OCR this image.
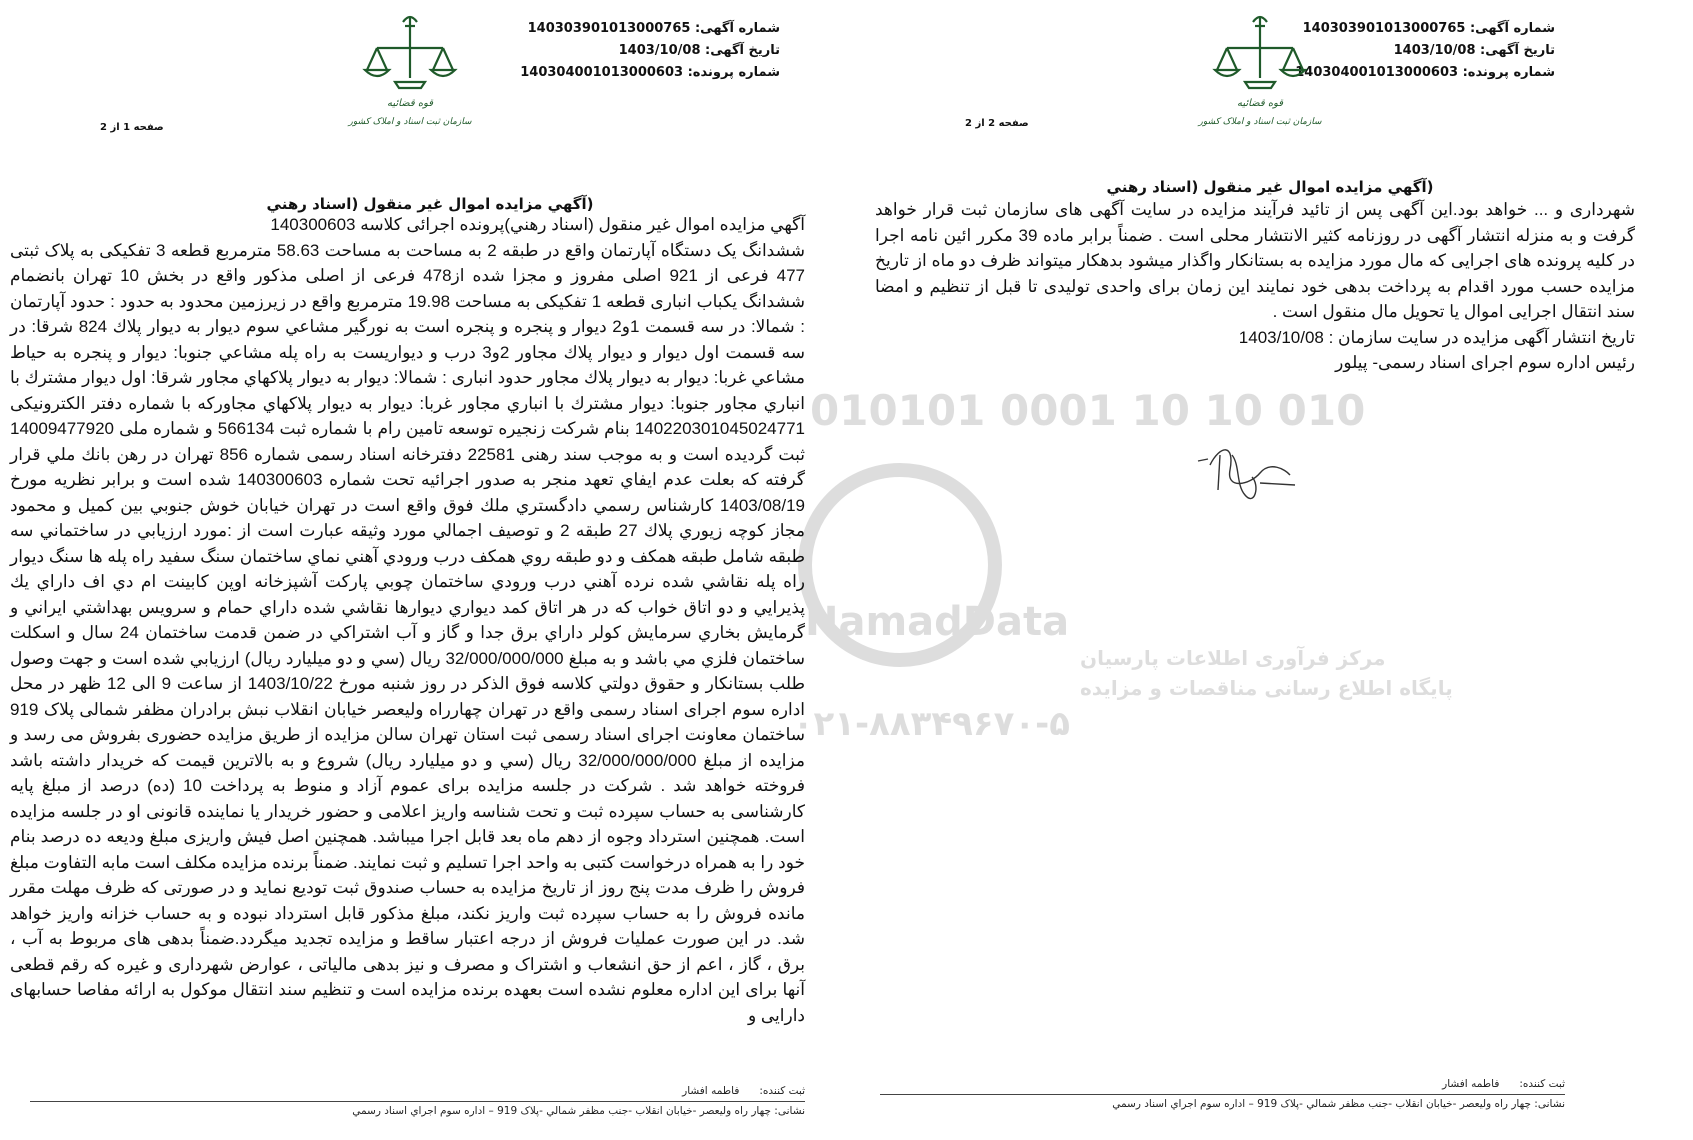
شماره آگهی: 140303901013000765
تاریخ آگهی: 1403/10/08
شماره پرونده: 140304001013000603
قوه قضائیه
سازمان ثبت اسناد و املاک کشور
صفحه 2 از 2
(آگهي مزايده اموال غير منقول (اسناد رهني

شهرداری و ... خواهد بود.این آگهی پس از تائید فرآیند مزایده در سایت آگهی های سازمان ثبت قرار خواهد گرفت و به منزله انتشار آگهی در روزنامه کثیر الانتشار محلی است . ضمناً برابر ماده 39 مکرر ائین نامه اجرا در کلیه پرونده های اجرایی که مال مورد مزایده به بستانکار واگذار میشود بدهکار میتواند ظرف دو ماه از تاریخ مزایده حسب مورد اقدام به پرداخت بدهی خود نمایند این زمان برای واحدی تولیدی تا قبل از تنظیم و امضا سند انتقال اجرایی اموال یا تحویل مال منقول است .

تاریخ انتشار آگهی مزایده در سایت سازمان : 1403/10/08

رئیس اداره سوم اجرای اسناد رسمی- پیلور

ثبت کننده:      فاطمه افشار
نشانی: چهار راه وليعصر -خيابان انقلاب -جنب مظفر شمالي -پلاک 919 – اداره سوم اجراي اسناد رسمي
شماره آگهی: 140303901013000765
تاریخ آگهی: 1403/10/08
شماره پرونده: 140304001013000603
قوه قضائیه
سازمان ثبت اسناد و املاک کشور
صفحه 1 از 2
(آگهي مزايده اموال غير منقول (اسناد رهني

آگهي مزايده اموال غير منقول (اسناد رهني)پرونده اجرائی كلاسه 140300603

ششدانگ یک دستگاه آپارتمان واقع در طبقه 2 به مساحت به مساحت 58.63 مترمربع قطعه 3 تفکیکی به پلاک ثبتی 477 فرعی از 921 اصلی مفروز و مجزا شده از478 فرعی از اصلی مذکور واقع در بخش 10 تهران بانضمام ششدانگ یکباب انباری قطعه 1 تفکیکی به مساحت 19.98 مترمربع واقع در زیرزمین محدود به حدود : حدود آپارتمان : شمالا: در سه قسمت 1و2 ديوار و پنجره و پنجره است به نورگير مشاعي سوم ديوار به ديوار پلاك 824 شرقا: در سه قسمت اول ديوار و ديوار پلاك مجاور 2و3 درب و ديواريست به راه پله مشاعي جنوبا: ديوار و پنجره به حياط مشاعي غربا: ديوار به ديوار پلاك مجاور حدود انباری : شمالا: ديوار به ديوار پلاكهاي مجاور شرقا: اول ديوار مشترك با انباري مجاور جنوبا: ديوار مشترك با انباري مجاور غربا: ديوار به ديوار پلاكهاي مجاوركه با شماره دفتر الکترونیکی 140220301045024771 بنام شرکت زنجیره توسعه تامین رام با شماره ثبت 566134 و شماره ملی 14009477920 ثبت گردیده است و به موجب سند رهنی 22581 دفترخانه اسناد رسمی شماره 856 تهران در رهن بانك ملي قرار گرفته كه بعلت عدم ايفاي تعهد منجر به صدور اجرائيه تحت شماره 140300603 شده است و برابر نظريه مورخ 1403/08/19 كارشناس رسمي دادگستري ملك فوق واقع است در تهران خيابان خوش جنوبي بين كميل و محمود مجاز كوچه زيوري پلاك 27 طبقه 2 و توصيف اجمالي مورد وثيقه عبارت است از :مورد ارزيابي در ساختماني سه طبقه شامل طبقه همكف و دو طبقه روي همكف درب ورودي آهني نماي ساختمان سنگ سفيد راه پله ها سنگ ديوار راه پله نقاشي شده نرده آهني درب ورودي ساختمان چوبي پاركت آشپزخانه اوپن كابينت ام دي اف داراي يك پذيرايي و دو اتاق خواب كه در هر اتاق كمد ديواري ديوارها نقاشي شده داراي حمام و سرويس بهداشتي ايراني و گرمايش بخاري سرمايش كولر داراي برق جدا و گاز و آب اشتراكي در ضمن قدمت ساختمان 24 سال و اسكلت ساختمان فلزي مي باشد و به مبلغ 32/000/000/000 ريال (سي و دو ميليارد ريال) ارزيابي شده است و جهت وصول طلب بستانكار و حقوق دولتي كلاسه فوق الذكر در روز شنبه مورخ 1403/10/22 از ساعت 9 الی 12 ظهر در محل اداره سوم اجرای اسناد رسمی واقع در تهران چهارراه وليعصر خيابان انقلاب نبش برادران مظفر شمالی پلاک 919 ساختمان معاونت اجرای اسناد رسمی ثبت استان تهران سالن مزايده از طريق مزايده حضوری بفروش می رسد و مزايده از مبلغ 32/000/000/000 ريال (سي و دو ميليارد ريال) شروع و به بالاترين قيمت كه خريدار داشته باشد فروخته خواهد شد . شرکت در جلسه مزایده برای عموم آزاد و منوط به پرداخت 10 (ده) درصد از مبلغ پایه کارشناسی به حساب سپرده ثبت و تحت شناسه واریز اعلامی و حضور خریدار یا نماینده قانونی او در جلسه مزایده است. همچنین استرداد وجوه از دهم ماه بعد قابل اجرا میباشد. همچنین اصل فیش واریزی مبلغ ودیعه ده درصد بنام خود را به همراه درخواست کتبی به واحد اجرا تسلیم و ثبت نمایند. ضمناً برنده مزایده مکلف است مابه التفاوت مبلغ فروش را ظرف مدت پنج روز از تاریخ مزایده به حساب صندوق ثبت تودیع نماید و در صورتی که ظرف مهلت مقرر مانده فروش را به حساب سپرده ثبت واریز نکند، مبلغ مذکور قابل استرداد نبوده و به حساب خزانه واریز خواهد شد. در این صورت عملیات فروش از درجه اعتبار ساقط و مزایده تجدید میگردد.ضمناً بدهی های مربوط به آب ، برق ، گاز ، اعم از حق انشعاب و اشتراک و مصرف و نیز بدهی مالیاتی ، عوارض شهرداری و غیره که رقم قطعی آنها برای این اداره معلوم نشده است بعهده برنده مزایده است و تنظیم سند انتقال موکول به ارائه مفاصا حسابهای دارایی و

ثبت کننده:      فاطمه افشار
نشانی: چهار راه وليعصر -خيابان انقلاب -جنب مظفر شمالي -پلاک 919 – اداره سوم اجراي اسناد رسمي
010101 0001 10 10 010
HamadData
مرکز فرآوری اطلاعات پارسیان
پایگاه اطلاع رسانی مناقصات و مزایده
۰۲۱-۸۸۳۴۹۶۷۰-۵
